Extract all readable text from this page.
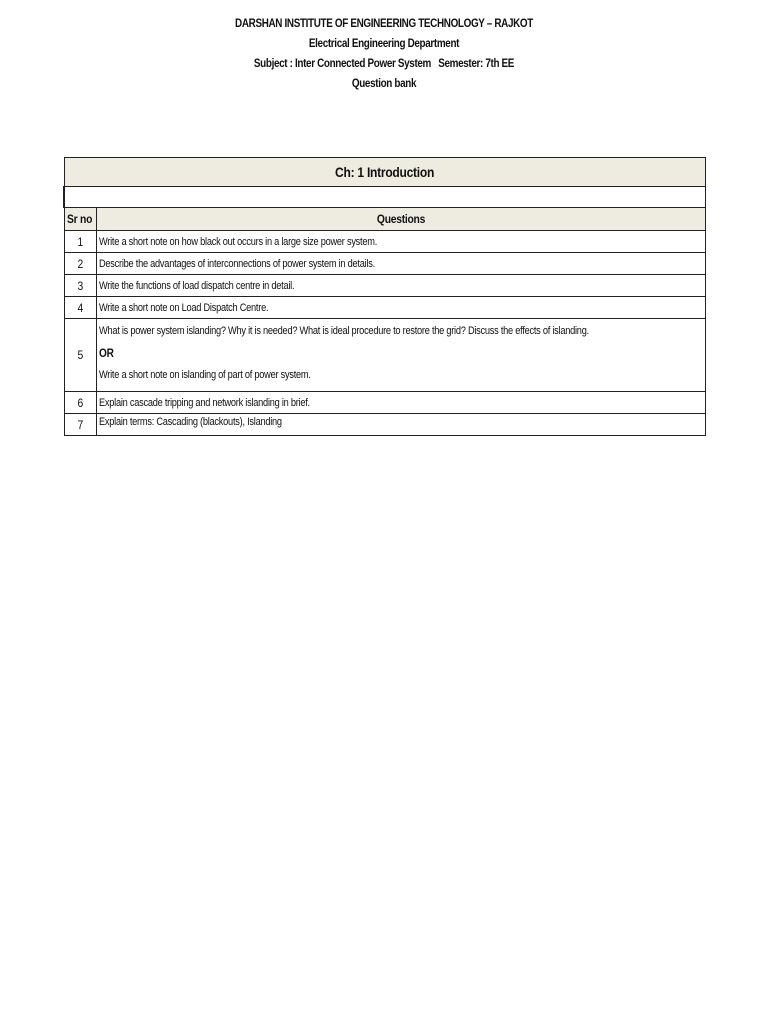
DARSHAN INSTITUTE OF ENGINEERING TECHNOLOGY – RAJKOT
Electrical Engineering Department
Subject : Inter Connected Power System   Semester: 7th EE
Question bank
Ch: 1 Introduction	

Sr no	Questions
1	Write a short note on how black out occurs in a large size power system.
2	Describe the advantages of interconnections of power system in details.
3	Write the functions of load dispatch centre in detail.
4	Write a short note on Load Dispatch Centre.
5	What is power system islanding? Why it is needed? What is ideal procedure to restore the grid? Discuss the effects of islanding.
OR
Write a short note on islanding of part of power system.

6	Explain cascade tripping and network islanding in brief.
7	Explain terms: Cascading (blackouts), Islanding
